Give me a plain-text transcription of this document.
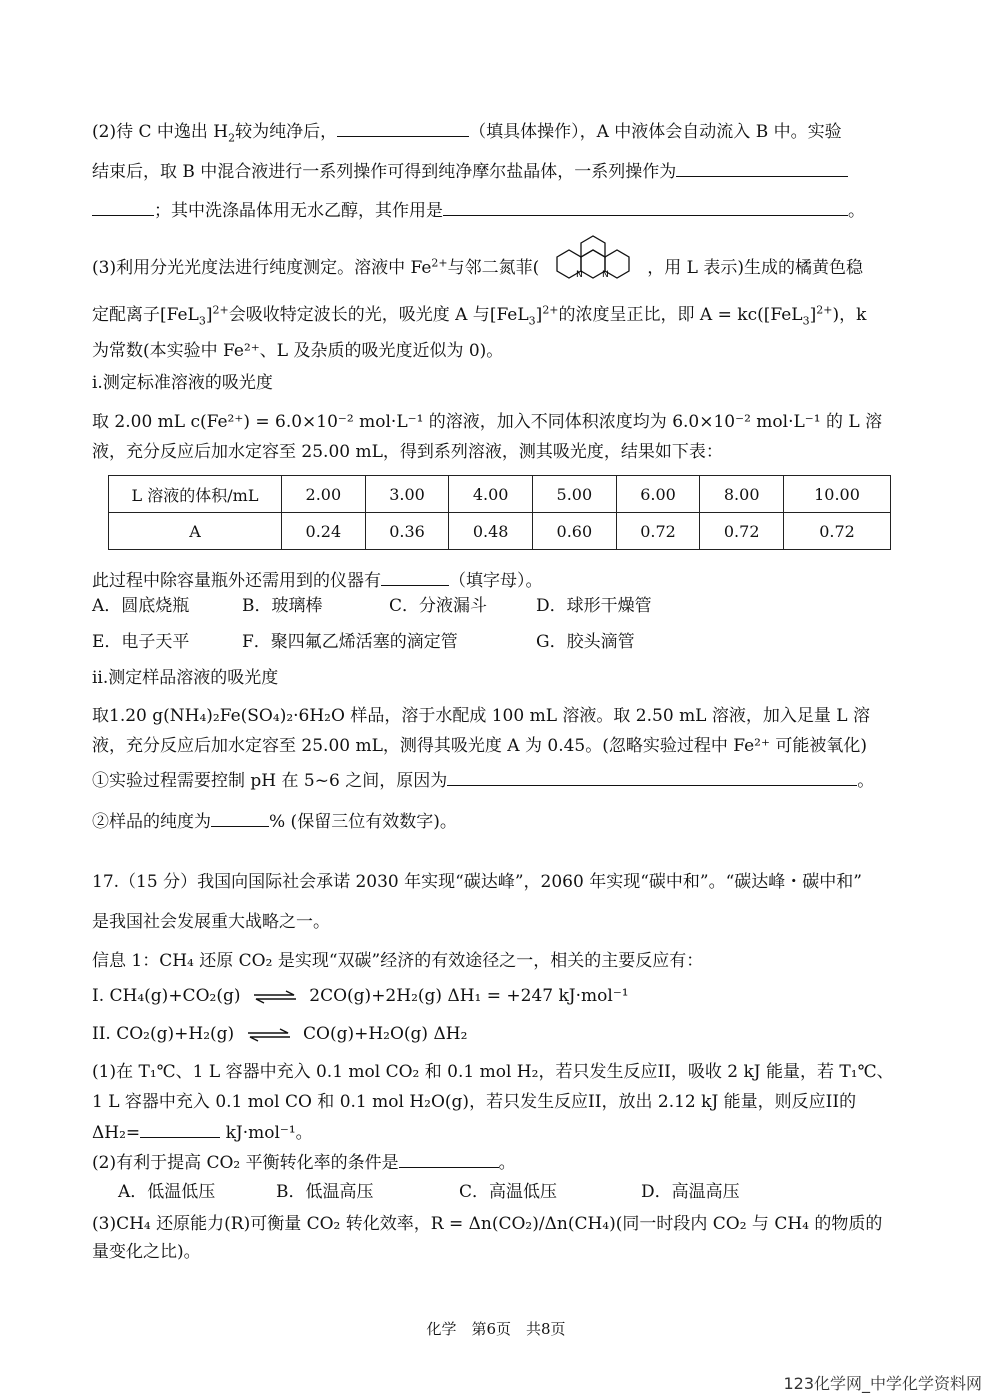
(2)待 C 中逸出 $H_2$较为纯净后，	（填具体操作），A 中液体会自动流入 B 中。实验
结束后，取 B 中混合液进行一系列操作可得到纯净摩尔盐晶体，一系列操作为
；其中洗涤晶体用无水乙醇，其作用是	。
(3)利用分光光度法进行纯度测定。溶液中 $Fe^{2+}$与邻二氮菲(	N N ，用 L 表示)生成的橘黄色稳
定配离子$[FeL_3]^{2+}$会吸收特定波长的光，吸光度 A 与$[FeL_3]^{2+}$的浓度呈正比，即 $A = kc([FeL_3]^{2+})$，k
为常数(本实验中 Fe²⁺、L 及杂质的吸光度近似为 0)。
i.测定标准溶液的吸光度
取 2.00 mL c(Fe²⁺) = 6.0×10⁻² mol·L⁻¹ 的溶液，加入不同体积浓度均为 6.0×10⁻² mol·L⁻¹ 的 L 溶
液，充分反应后加水定容至 25.00 mL，得到系列溶液，测其吸光度，结果如下表：
L 溶液的体积/mL	2.00	3.00	4.00	5.00	6.00	8.00	10.00
A	0.24	0.36	0.48	0.60	0.72	0.72	0.72
此过程中除容量瓶外还需用到的仪器有	（填字母）。
A．圆底烧瓶	B．玻璃棒	C．分液漏斗	D．球形干燥管
E．电子天平	F．聚四氟乙烯活塞的滴定管	G．胶头滴管
ii.测定样品溶液的吸光度
取1.20 g(NH₄)₂Fe(SO₄)₂·6H₂O 样品，溶于水配成 100 mL 溶液。取 2.50 mL 溶液，加入足量 L 溶
液，充分反应后加水定容至 25.00 mL，测得其吸光度 A 为 0.45。(忽略实验过程中 Fe²⁺ 可能被氧化)
①实验过程需要控制 pH 在 5~6 之间，原因为	。
②样品的纯度为	% (保留三位有效数字)。
17.（15 分）我国向国际社会承诺 2030 年实现“碳达峰”，2060 年实现“碳中和”。“碳达峰・碳中和”
是我国社会发展重大战略之一。
信息 1：CH₄ 还原 CO₂ 是实现“双碳”经济的有效途径之一，相关的主要反应有：
I. CH₄(g)+CO₂(g) ⇌ 2CO(g)+2H₂(g) ΔH₁ = +247 kJ·mol⁻¹
II. CO₂(g)+H₂(g) ⇌ CO(g)+H₂O(g) ΔH₂
(1)在 T₁℃、1 L 容器中充入 0.1 mol CO₂ 和 0.1 mol H₂，若只发生反应II，吸收 2 kJ 能量，若 T₁℃、
1 L 容器中充入 0.1 mol CO 和 0.1 mol H₂O(g)，若只发生反应II，放出 2.12 kJ 能量，则反应II的
ΔH₂=	kJ·mol⁻¹。
(2)有利于提高 CO₂ 平衡转化率的条件是	。
A．低温低压	B．低温高压	C．高温低压	D．高温高压
(3)CH₄ 还原能力(R)可衡量 CO₂ 转化效率，R = Δn(CO₂)/Δn(CH₄)(同一时段内 CO₂ 与 CH₄ 的物质的
量变化之比)。
化学　第6页　共8页
123化学网_中学化学资料网
